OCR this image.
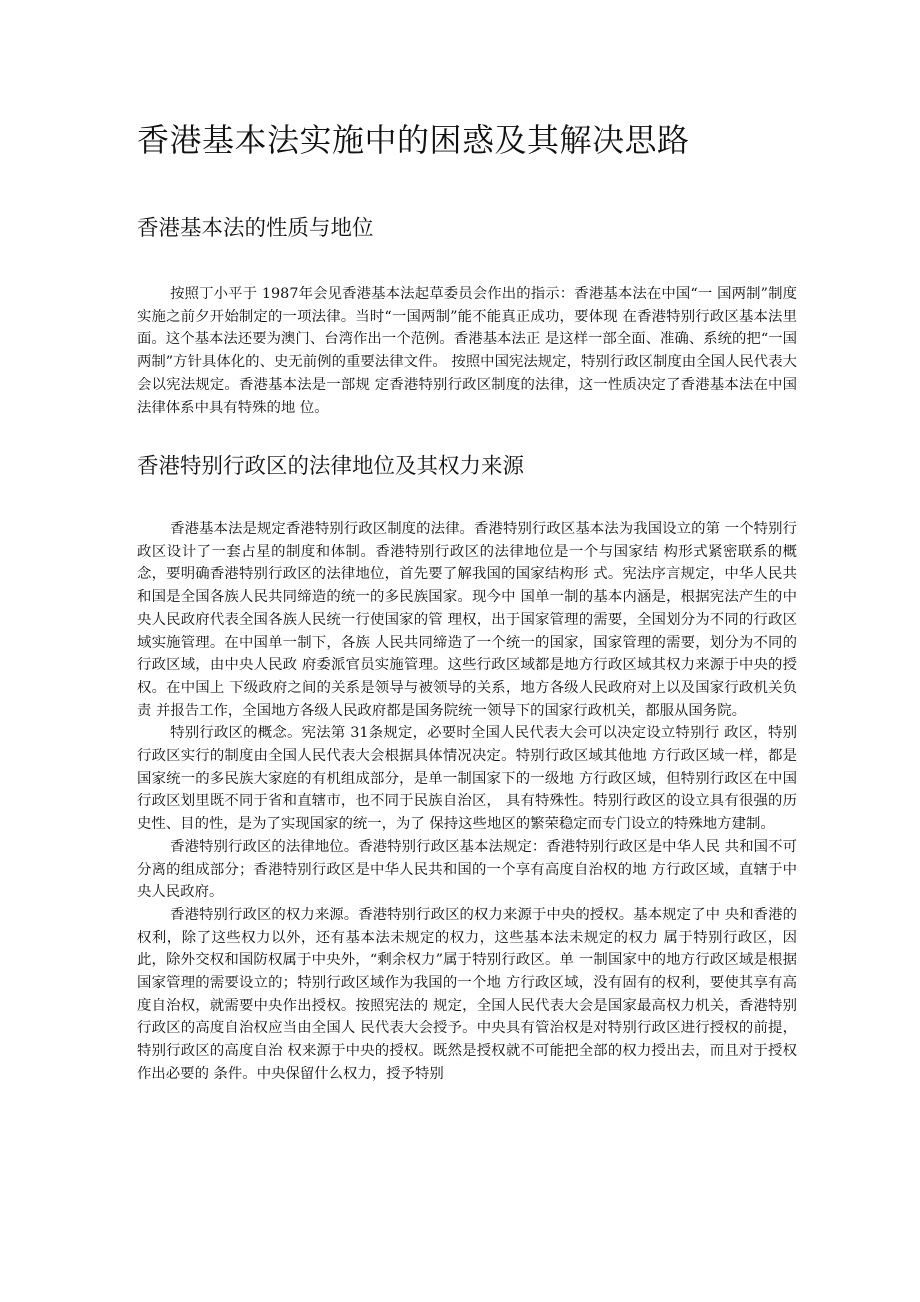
香港基本法实施中的困惑及其解决思路
香港基本法的性质与地位

按照丁小平于 1987年会见香港基本法起草委员会作出的指示：香港基本法在中国“一 国两制”制度实施之前夕开始制定的一项法律。当时“一国两制”能不能真正成功，要体现 在香港特别行政区基本法里面。这个基本法还要为澳门、台湾作出一个范例。香港基本法正 是这样一部全面、准确、系统的把“一国两制”方针具体化的、史无前例的重要法律文件。 按照中国宪法规定，特别行政区制度由全国人民代表大会以宪法规定。香港基本法是一部规 定香港特别行政区制度的法律，这一性质决定了香港基本法在中国法律体系中具有特殊的地 位。

香港特别行政区的法律地位及其权力来源

香港基本法是规定香港特别行政区制度的法律。香港特别行政区基本法为我国设立的第 一个特别行政区设计了一套占星的制度和体制。香港特别行政区的法律地位是一个与国家结 构形式紧密联系的概念，要明确香港特别行政区的法律地位，首先要了解我国的国家结构形 式。宪法序言规定，中华人民共和国是全国各族人民共同缔造的统一的多民族国家。现今中 国单一制的基本内涵是，根据宪法产生的中央人民政府代表全国各族人民统一行使国家的管 理权，出于国家管理的需要，全国划分为不同的行政区域实施管理。在中国单一制下，各族 人民共同缔造了一个统一的国家，国家管理的需要，划分为不同的行政区域，由中央人民政 府委派官员实施管理。这些行政区域都是地方行政区域其权力来源于中央的授权。在中国上 下级政府之间的关系是领导与被领导的关系，地方各级人民政府对上以及国家行政机关负责 并报告工作，全国地方各级人民政府都是国务院统一领导下的国家行政机关，都服从国务院。

特别行政区的概念。宪法第 31条规定，必要时全国人民代表大会可以决定设立特别行 政区，特别行政区实行的制度由全国人民代表大会根据具体情况决定。特别行政区域其他地 方行政区域一样，都是国家统一的多民族大家庭的有机组成部分，是单一制国家下的一级地 方行政区域，但特别行政区在中国行政区划里既不同于省和直辖市，也不同于民族自治区， 具有特殊性。特别行政区的设立具有很强的历史性、目的性，是为了实现国家的统一，为了 保持这些地区的繁荣稳定而专门设立的特殊地方建制。

香港特别行政区的法律地位。香港特别行政区基本法规定：香港特别行政区是中华人民 共和国不可分离的组成部分；香港特别行政区是中华人民共和国的一个享有高度自治权的地 方行政区域，直辖于中央人民政府。

香港特别行政区的权力来源。香港特别行政区的权力来源于中央的授权。基本规定了中 央和香港的权利，除了这些权力以外，还有基本法未规定的权力，这些基本法未规定的权力 属于特别行政区，因此，除外交权和国防权属于中央外，“剩余权力”属于特别行政区。单 一制国家中的地方行政区域是根据国家管理的需要设立的；特别行政区域作为我国的一个地 方行政区域，没有固有的权利，要使其享有高度自治权，就需要中央作出授权。按照宪法的 规定，全国人民代表大会是国家最高权力机关，香港特别行政区的高度自治权应当由全国人 民代表大会授予。中央具有管治权是对特别行政区进行授权的前提，特别行政区的高度自治 权来源于中央的授权。既然是授权就不可能把全部的权力授出去，而且对于授权作出必要的 条件。中央保留什么权力，授予特别
